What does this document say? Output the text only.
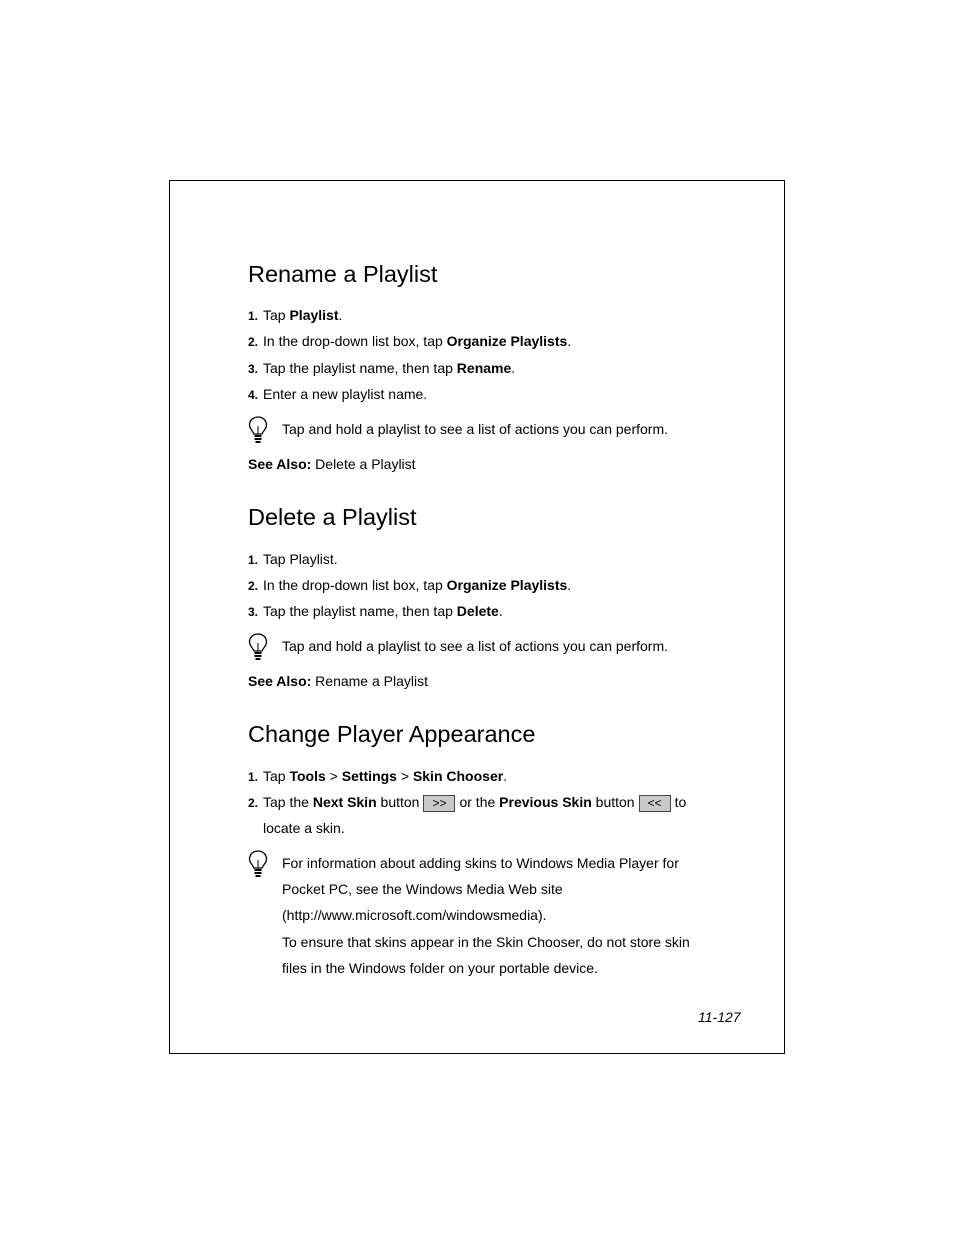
Rename a Playlist
1. Tap Playlist.
2. In the drop-down list box, tap Organize Playlists.
3. Tap the playlist name, then tap Rename.
4. Enter a new playlist name.
Tap and hold a playlist to see a list of actions you can perform.
See Also: Delete a Playlist
Delete a Playlist
1. Tap Playlist.
2. In the drop-down list box, tap Organize Playlists.
3. Tap the playlist name, then tap Delete.
Tap and hold a playlist to see a list of actions you can perform.
See Also: Rename a Playlist
Change Player Appearance
1. Tap Tools > Settings > Skin Chooser.
2. Tap the Next Skin button >> or the Previous Skin button << to
locate a skin.
For information about adding skins to Windows Media Player for
Pocket PC, see the Windows Media Web site
(http://www.microsoft.com/windowsmedia).
To ensure that skins appear in the Skin Chooser, do not store skin
files in the Windows folder on your portable device.
11-127
